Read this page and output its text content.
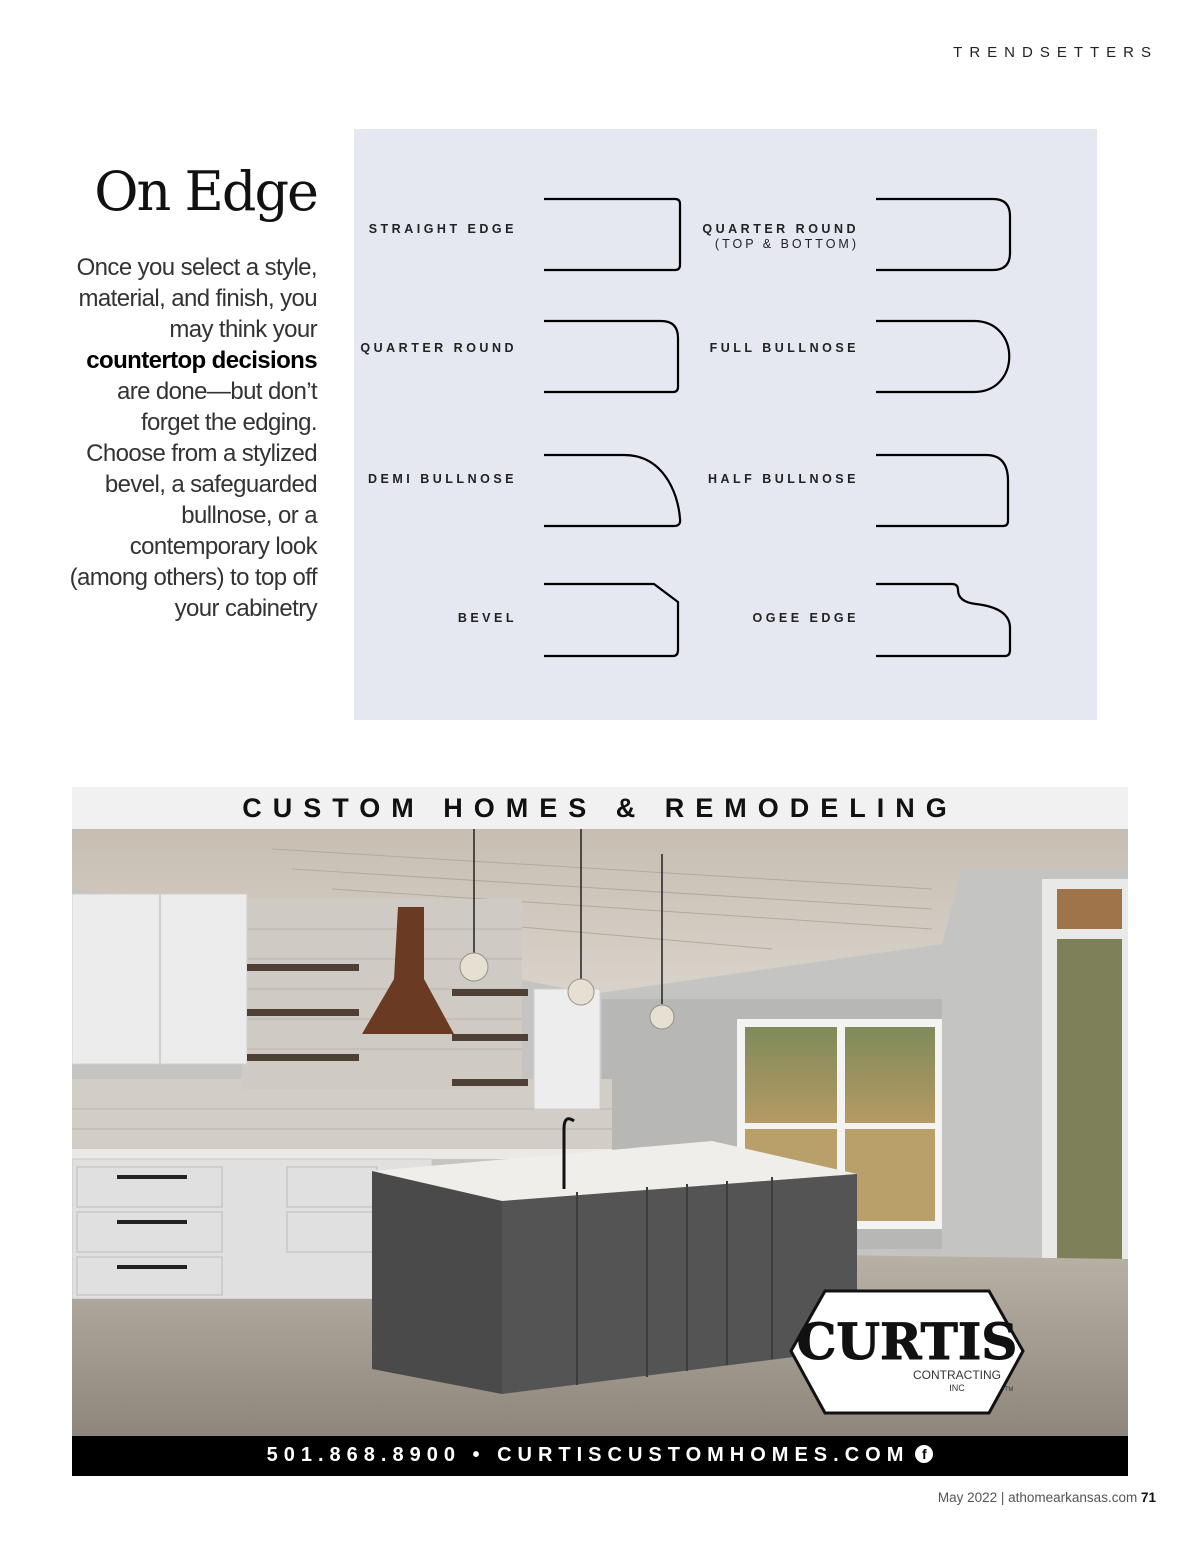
TRENDSETTERS
On Edge

Once you select a style, material, and finish, you may think your countertop decisions are done—but don’t forget the edging. Choose from a stylized bevel, a safeguarded bullnose, or a contemporary look (among others) to top off your cabinetry

STRAIGHT EDGE	QUARTER ROUND
(TOP & BOTTOM)
QUARTER ROUND	FULL BULLNOSE
DEMI BULLNOSE	HALF BULLNOSE
BEVEL	OGEE EDGE
CUSTOM HOMES & REMODELING
CURTIS
CONTRACTING
INC	TM
501.868.8900 • CURTISCUSTOMHOMES.COM f
May 2022 | athomearkansas.com 71
